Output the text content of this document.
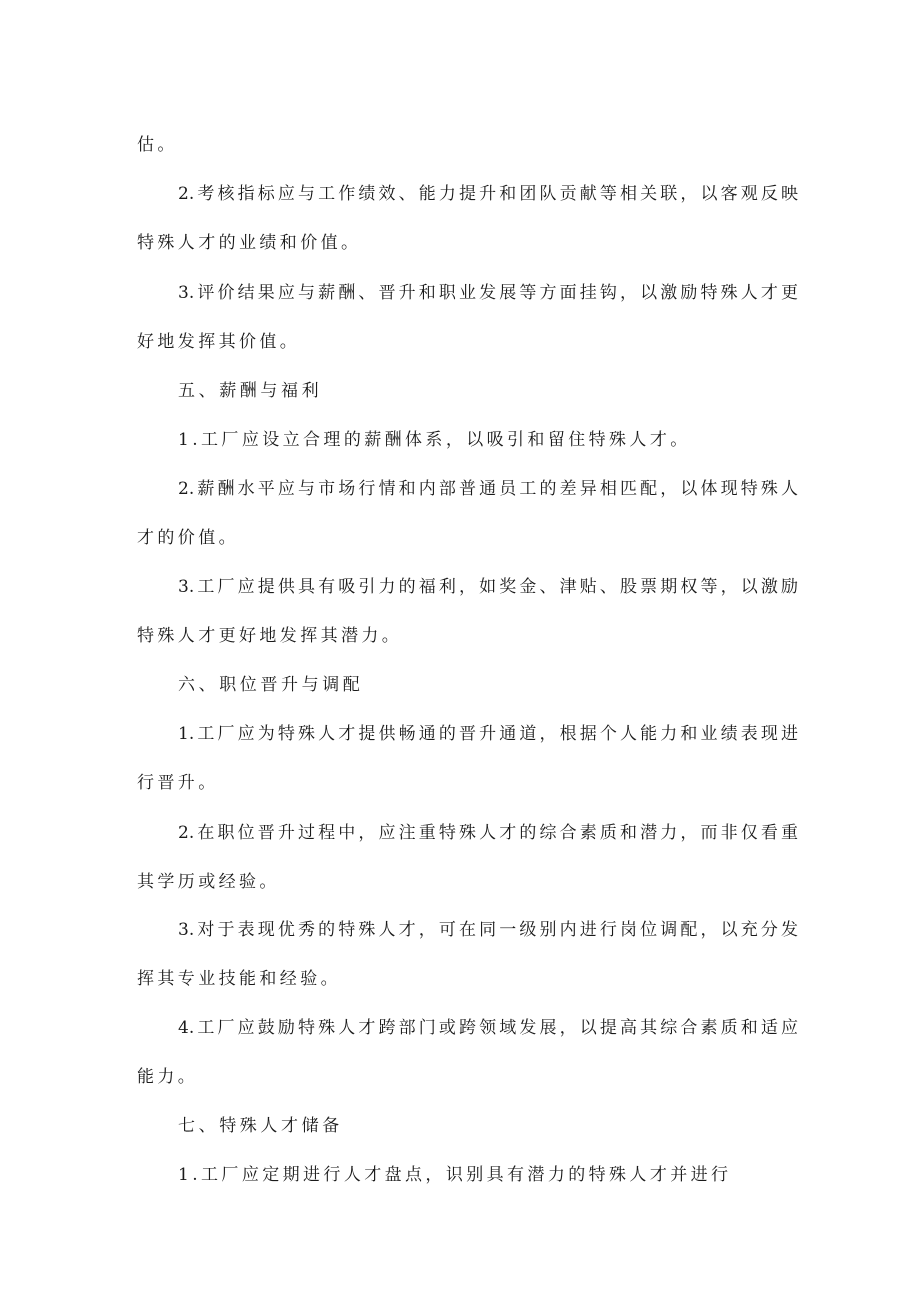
估。
2.考核指标应与工作绩效、能力提升和团队贡献等相关联，以客观反映
特殊人才的业绩和价值。
3.评价结果应与薪酬、晋升和职业发展等方面挂钩，以激励特殊人才更
好地发挥其价值。
五、薪酬与福利
1.工厂应设立合理的薪酬体系，以吸引和留住特殊人才。
2.薪酬水平应与市场行情和内部普通员工的差异相匹配，以体现特殊人
才的价值。
3.工厂应提供具有吸引力的福利，如奖金、津贴、股票期权等，以激励
特殊人才更好地发挥其潜力。
六、职位晋升与调配
1.工厂应为特殊人才提供畅通的晋升通道，根据个人能力和业绩表现进
行晋升。
2.在职位晋升过程中，应注重特殊人才的综合素质和潜力，而非仅看重
其学历或经验。
3.对于表现优秀的特殊人才，可在同一级别内进行岗位调配，以充分发
挥其专业技能和经验。
4.工厂应鼓励特殊人才跨部门或跨领域发展，以提高其综合素质和适应
能力。
七、特殊人才储备
1.工厂应定期进行人才盘点，识别具有潜力的特殊人才并进行
